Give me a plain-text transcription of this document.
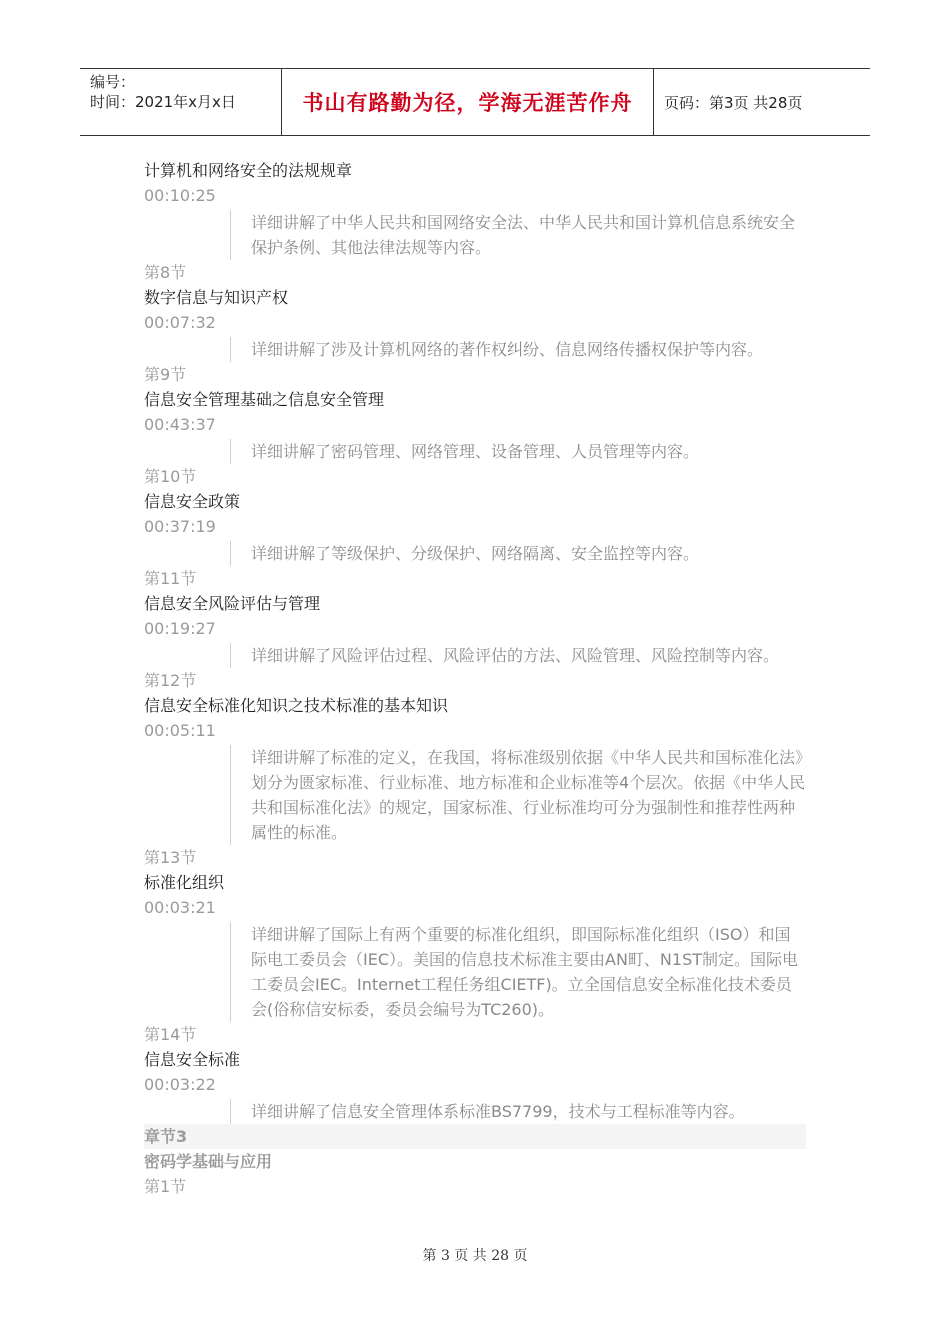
编号：
时间：2021年x月x日	书山有路勤为径，学海无涯苦作舟 页码：第3页 共28页
计算机和网络安全的法规规章
00:10:25
详细讲解了中华人民共和国网络安全法、中华人民共和国计算机信息系统安全保护条例、其他法律法规等内容。
第8节
数字信息与知识产权
00:07:32
详细讲解了涉及计算机网络的著作权纠纷、信息网络传播权保护等内容。
第9节
信息安全管理基础之信息安全管理
00:43:37
详细讲解了密码管理、网络管理、设备管理、人员管理等内容。
第10节
信息安全政策
00:37:19
详细讲解了等级保护、分级保护、网络隔离、安全监控等内容。
第11节
信息安全风险评估与管理
00:19:27
详细讲解了风险评估过程、风险评估的方法、风险管理、风险控制等内容。
第12节
信息安全标准化知识之技术标准的基本知识
00:05:11
详细讲解了标准的定义，在我国，将标准级别依据《中华人民共和国标准化法》划分为匮家标准、行业标准、地方标准和企业标准等4个层次。依据《中华人民共和国标准化法》的规定，国家标准、行业标准均可分为强制性和推荐性两种属性的标准。
第13节
标准化组织
00:03:21
详细讲解了国际上有两个重要的标准化组织，即国际标准化组织（ISO）和国际电工委员会（IEC）。美国的信息技术标准主要由AN町、N1ST制定。国际电工委员会IEC。Internet工程任务组CIETF)。立全国信息安全标准化技术委员会(俗称信安标委，委员会编号为TC260)。
第14节
信息安全标准
00:03:22
详细讲解了信息安全管理体系标准BS7799，技术与工程标准等内容。
章节3
密码学基础与应用
第1节
第 3 页 共 28 页
